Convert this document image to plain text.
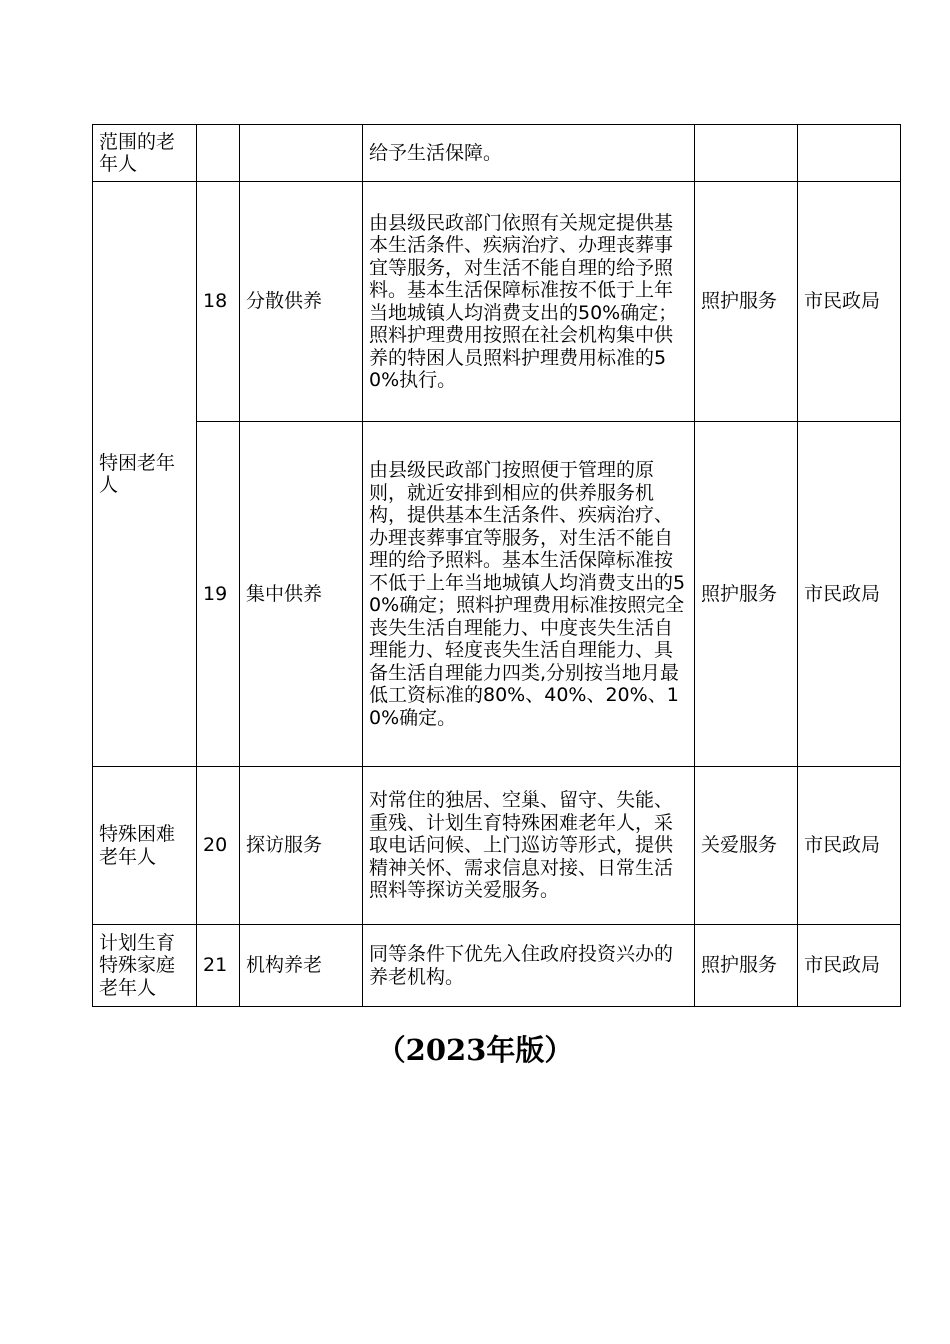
范围的老年人			给予生活保障。		

特困老年人	18	分散供养	由县级民政部门依照有关规定提供基本生活条件、疾病治疗、办理丧葬事宜等服务，对生活不能自理的给予照料。基本生活保障标准按不低于上年当地城镇人均消费支出的50%确定；照料护理费用按照在社会机构集中供养的特困人员照料护理费用标准的50%执行。	照护服务	市民政局
	19	集中供养	由县级民政部门按照便于管理的原则，就近安排到相应的供养服务机构，提供基本生活条件、疾病治疗、办理丧葬事宜等服务，对生活不能自理的给予照料。基本生活保障标准按不低于上年当地城镇人均消费支出的50%确定；照料护理费用标准按照完全丧失生活自理能力、中度丧失生活自理能力、轻度丧失生活自理能力、具备生活自理能力四类,分别按当地月最低工资标准的80%、40%、20%、10%确定。	照护服务	市民政局
特殊困难老年人	20	探访服务	对常住的独居、空巢、留守、失能、重残、计划生育特殊困难老年人，采取电话问候、上门巡访等形式，提供精神关怀、需求信息对接、日常生活照料等探访关爱服务。	关爱服务	市民政局
计划生育特殊家庭老年人	21	机构养老	同等条件下优先入住政府投资兴办的养老机构。	照护服务	市民政局
（2023年版）
